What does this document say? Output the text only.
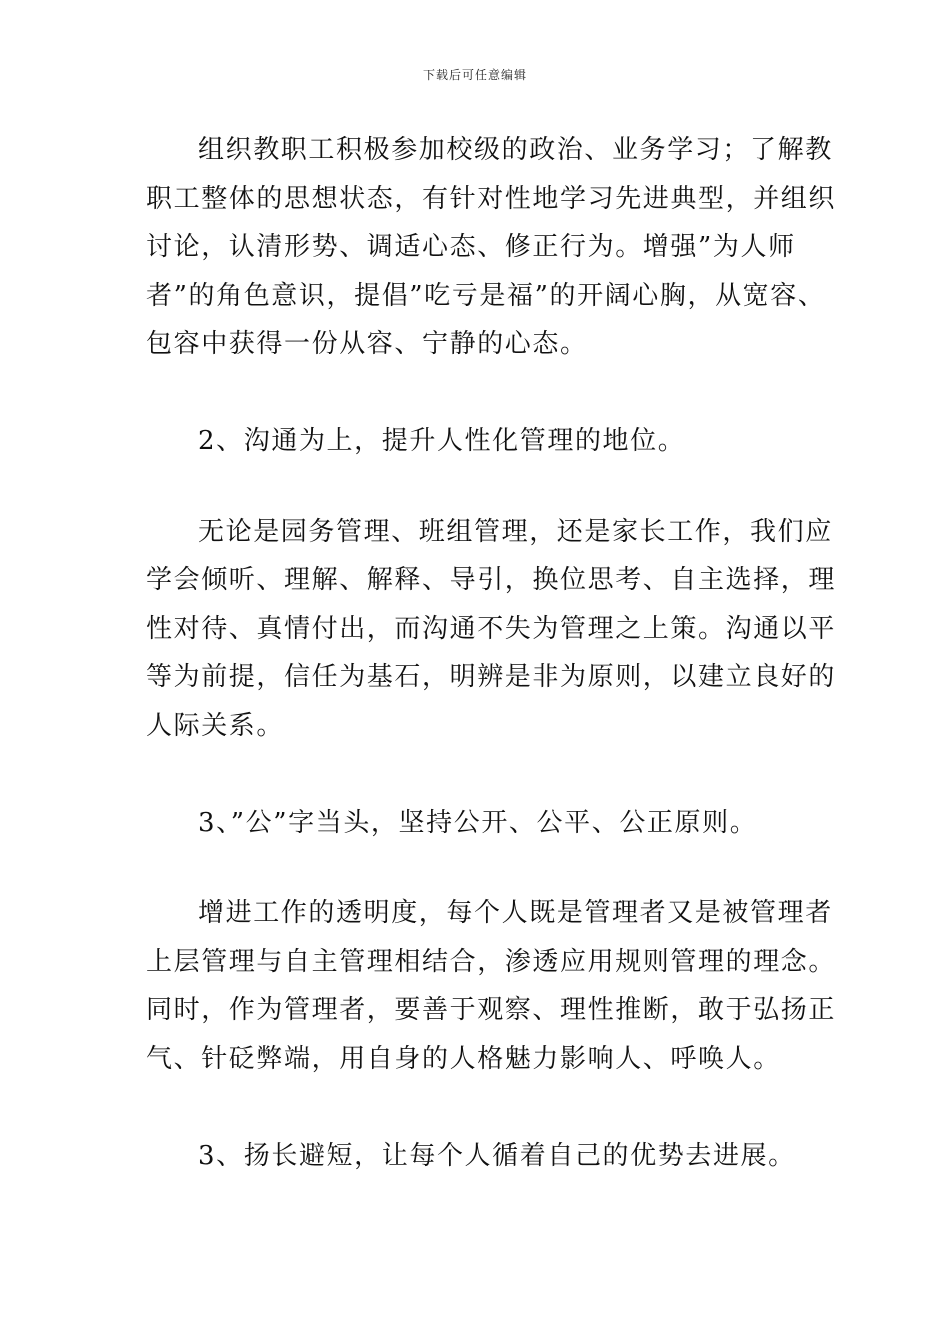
下载后可任意编辑

组织教职工积极参加校级的政治、业务学习；了解教职工整体的思想状态，有针对性地学习先进典型，并组织讨论，认清形势、调适心态、修正行为。增强”为人师者”的角色意识，提倡”吃亏是福”的开阔心胸，从宽容、包容中获得一份从容、宁静的心态。

2、沟通为上，提升人性化管理的地位。

无论是园务管理、班组管理，还是家长工作，我们应学会倾听、理解、解释、导引，换位思考、自主选择，理性对待、真情付出，而沟通不失为管理之上策。沟通以平等为前提，信任为基石，明辨是非为原则，以建立良好的人际关系。

3、”公”字当头，坚持公开、公平、公正原则。

增进工作的透明度，每个人既是管理者又是被管理者上层管理与自主管理相结合，渗透应用规则管理的理念。同时，作为管理者，要善于观察、理性推断，敢于弘扬正气、针砭弊端，用自身的人格魅力影响人、呼唤人。

3、扬长避短，让每个人循着自己的优势去进展。
